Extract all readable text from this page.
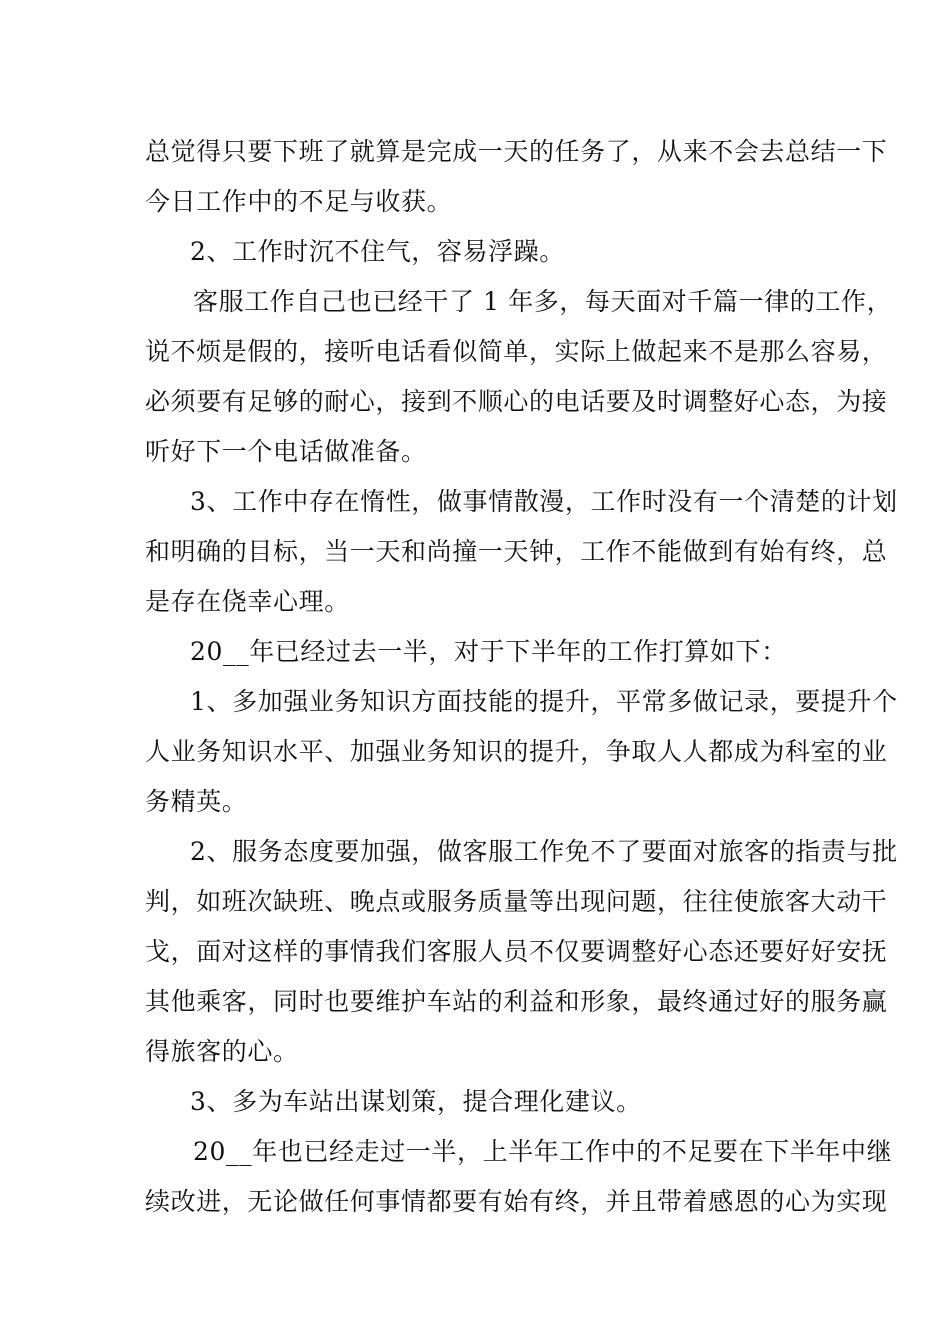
总觉得只要下班了就算是完成一天的任务了，从来不会去总结一下
今日工作中的不足与收获。
2、工作时沉不住气，容易浮躁。
客服工作自己也已经干了 1 年多，每天面对千篇一律的工作，
说不烦是假的，接听电话看似简单，实际上做起来不是那么容易，
必须要有足够的耐心，接到不顺心的电话要及时调整好心态，为接
听好下一个电话做准备。
3、工作中存在惰性，做事情散漫，工作时没有一个清楚的计划
和明确的目标，当一天和尚撞一天钟，工作不能做到有始有终，总
是存在侥幸心理。
20__年已经过去一半，对于下半年的工作打算如下：
1、多加强业务知识方面技能的提升，平常多做记录，要提升个
人业务知识水平、加强业务知识的提升，争取人人都成为科室的业
务精英。
2、服务态度要加强，做客服工作免不了要面对旅客的指责与批
判，如班次缺班、晚点或服务质量等出现问题，往往使旅客大动干
戈，面对这样的事情我们客服人员不仅要调整好心态还要好好安抚
其他乘客，同时也要维护车站的利益和形象，最终通过好的服务赢
得旅客的心。
3、多为车站出谋划策，提合理化建议。
20__年也已经走过一半，上半年工作中的不足要在下半年中继
续改进，无论做任何事情都要有始有终，并且带着感恩的心为实现
